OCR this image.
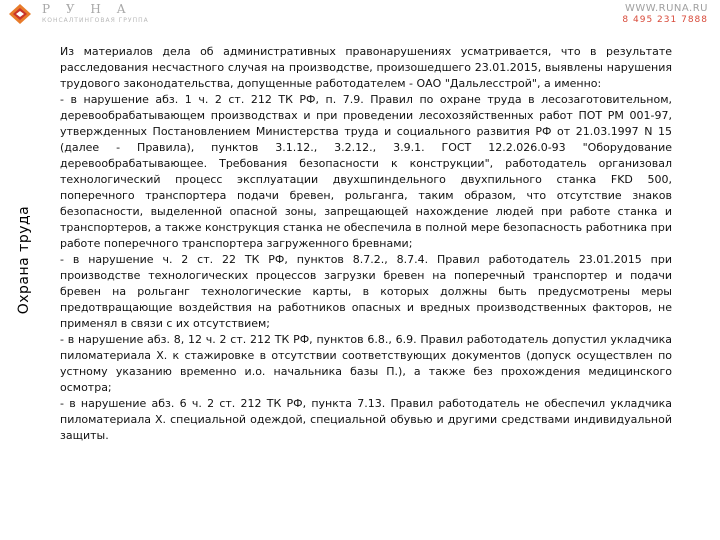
Р У Н А
КОНСАЛТИНГОВАЯ ГРУППА
WWW.RUNA.RU
8 495 231 7888
Охрана труда

Из материалов дела об административных правонарушениях усматривается, что в результате расследования несчастного случая на производстве, произошедшего 23.01.2015, выявлены нарушения трудового законодательства, допущенные работодателем - ОАО "Дальлесстрой", а именно:

- в нарушение абз. 1 ч. 2 ст. 212 ТК РФ, п. 7.9. Правил по охране труда в лесозаготовительном, деревообрабатывающем производствах и при проведении лесохозяйственных работ ПОТ РМ 001-97, утвержденных Постановлением Министерства труда и социального развития РФ от 21.03.1997 N 15 (далее - Правила), пунктов 3.1.12., 3.2.12., 3.9.1. ГОСТ 12.2.026.0-93 "Оборудование деревообрабатывающее. Требования безопасности к конструкции", работодатель организовал технологический процесс эксплуатации двухшпиндельного двухпильного станка FKD 500, поперечного транспортера подачи бревен, рольганга, таким образом, что отсутствие знаков безопасности, выделенной опасной зоны, запрещающей нахождение людей при работе станка и транспортеров, а также конструкция станка не обеспечила в полной мере безопасность работника при работе поперечного транспортера загруженного бревнами;

- в нарушение ч. 2 ст. 22 ТК РФ, пунктов 8.7.2., 8.7.4. Правил работодатель 23.01.2015 при производстве технологических процессов загрузки бревен на поперечный транспортер и подачи бревен на рольганг технологические карты, в которых должны быть предусмотрены меры предотвращающие воздействия на работников опасных и вредных производственных факторов, не применял в связи с их отсутствием;

- в нарушение абз. 8, 12 ч. 2 ст. 212 ТК РФ, пунктов 6.8., 6.9. Правил работодатель допустил укладчика пиломатериала Х. к стажировке в отсутствии соответствующих документов (допуск осуществлен по устному указанию временно и.о. начальника базы П.), а также без прохождения медицинского осмотра;

- в нарушение абз. 6 ч. 2 ст. 212 ТК РФ, пункта 7.13. Правил работодатель не обеспечил укладчика пиломатериала Х. специальной одеждой, специальной обувью и другими средствами индивидуальной защиты.
